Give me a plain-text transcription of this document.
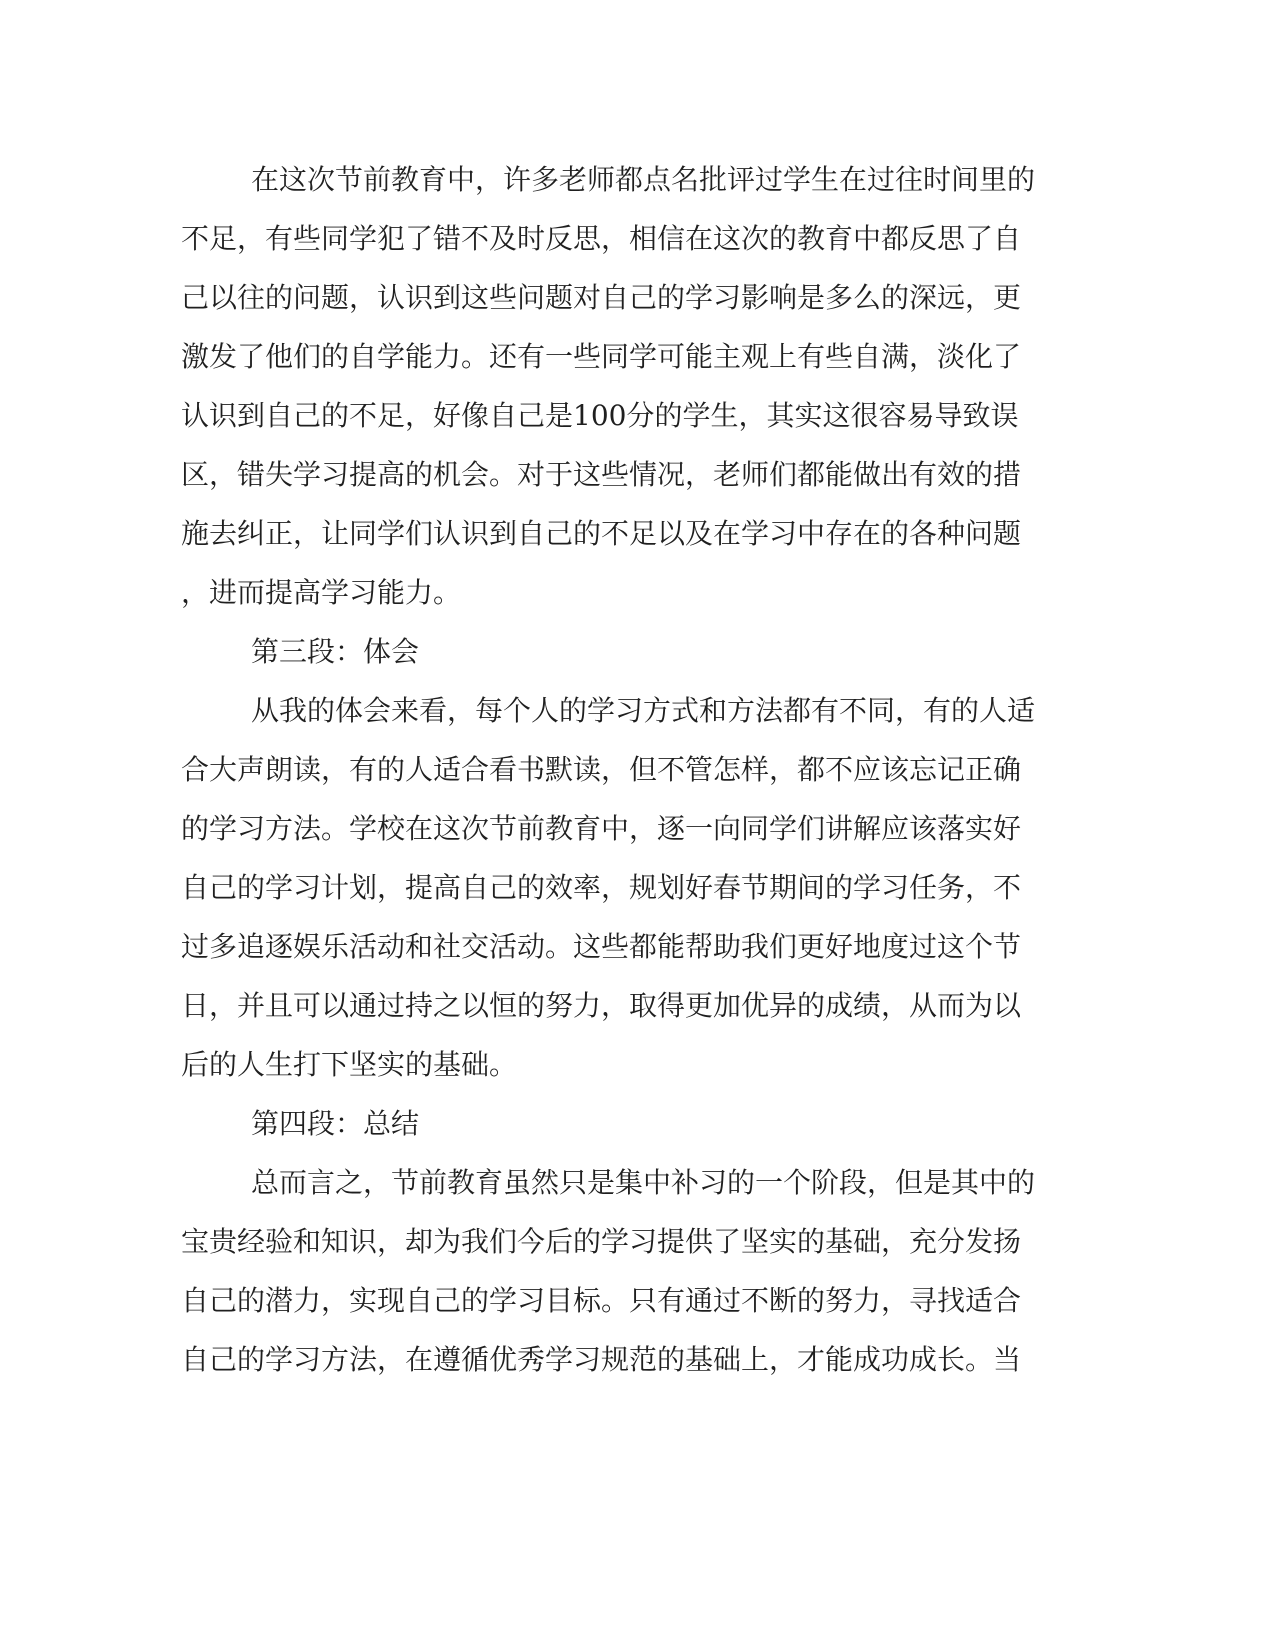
在这次节前教育中，许多老师都点名批评过学生在过往时间里的
不足，有些同学犯了错不及时反思，相信在这次的教育中都反思了自
己以往的问题，认识到这些问题对自己的学习影响是多么的深远，更
激发了他们的自学能力。还有一些同学可能主观上有些自满，淡化了
认识到自己的不足，好像自己是100分的学生，其实这很容易导致误
区，错失学习提高的机会。对于这些情况，老师们都能做出有效的措
施去纠正，让同学们认识到自己的不足以及在学习中存在的各种问题
，进而提高学习能力。
第三段：体会
从我的体会来看，每个人的学习方式和方法都有不同，有的人适
合大声朗读，有的人适合看书默读，但不管怎样，都不应该忘记正确
的学习方法。学校在这次节前教育中，逐一向同学们讲解应该落实好
自己的学习计划，提高自己的效率，规划好春节期间的学习任务，不
过多追逐娱乐活动和社交活动。这些都能帮助我们更好地度过这个节
日，并且可以通过持之以恒的努力，取得更加优异的成绩，从而为以
后的人生打下坚实的基础。
第四段：总结
总而言之，节前教育虽然只是集中补习的一个阶段，但是其中的
宝贵经验和知识，却为我们今后的学习提供了坚实的基础，充分发扬
自己的潜力，实现自己的学习目标。只有通过不断的努力，寻找适合
自己的学习方法，在遵循优秀学习规范的基础上，才能成功成长。当
